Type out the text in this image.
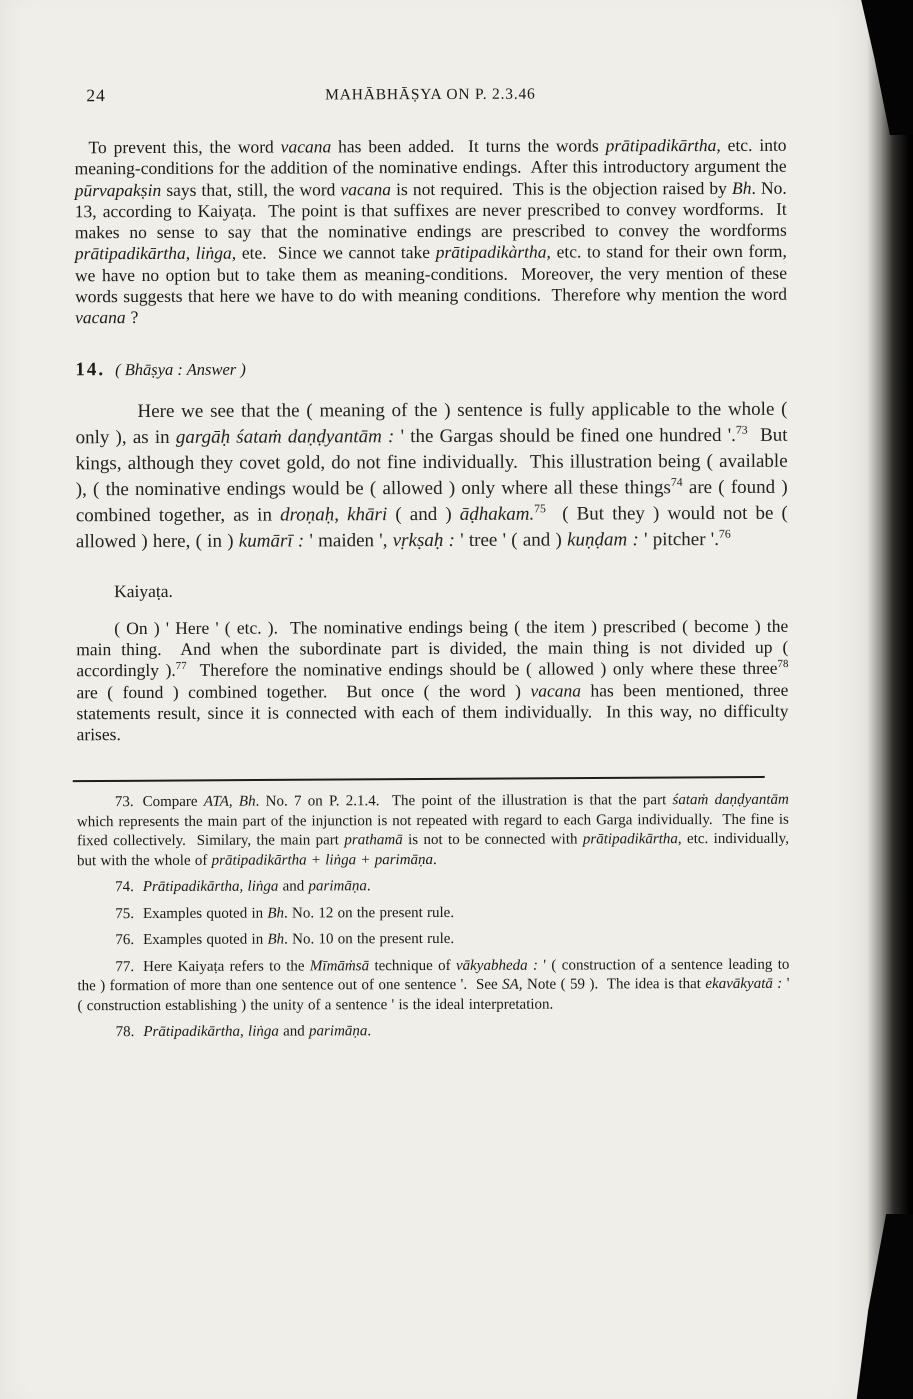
24	MAHĀBHĀṢYA ON P. 2.3.46

To prevent this, the word vacana has been added.  It turns the words prātipadikārtha, etc. into meaning-conditions for the addition of the nominative endings.  After this introductory argument the pūrvapakṣin says that, still, the word vacana is not required.  This is the objection raised by Bh. No. 13, according to Kaiyaṭa.  The point is that suffixes are never prescribed to convey wordforms.  It makes no sense to say that the nominative endings are prescribed to convey the wordforms prātipadikārtha, liṅga, ete.  Since we cannot take prātipadikàrtha, etc. to stand for their own form, we have no option but to take them as meaning-conditions.  Moreover, the very mention of these words suggests that here we have to do with meaning conditions.  Therefore why mention the word vacana ?

14. ( Bhāṣya : Answer )

Here we see that the ( meaning of the ) sentence is fully applicable to the whole ( only ), as in gargāḥ śataṁ daṇḍyantām : ' the Gargas should be fined one hundred '.$^{73}$  But kings, although they covet gold, do not fine individually.  This illustration being ( available ), ( the nominative endings would be ( allowed ) only where all these things$^{74}$ are ( found ) combined together, as in droṇaḥ, khāri ( and ) āḍhakam.$^{75}$  ( But they ) would not be ( allowed ) here, ( in ) kumārī : ' maiden ', vṛkṣaḥ : ' tree ' ( and ) kuṇḍam : ' pitcher '.$^{76}$

Kaiyaṭa.

( On ) ' Here ' ( etc. ).  The nominative endings being ( the item ) prescribed ( become ) the main thing.  And when the subordinate part is divided, the main thing is not divided up ( accordingly ).$^{77}$  Therefore the nominative endings should be ( allowed ) only where these three$^{78}$ are ( found ) combined together.  But once ( the word ) vacana has been mentioned, three statements result, since it is connected with each of them individually.  In this way, no difficulty arises.

73. Compare ATA, Bh. No. 7 on P. 2.1.4.  The point of the illustration is that the part śataṁ daṇḍyantām which represents the main part of the injunction is not repeated with regard to each Garga individually.  The fine is fixed collectively.  Similary, the main part prathamā is not to be connected with prātipadikārtha, etc. individually, but with the whole of prātipadikārtha + liṅga + parimāṇa.

74. Prātipadikārtha, liṅga and parimāṇa.

75. Examples quoted in Bh. No. 12 on the present rule.

76. Examples quoted in Bh. No. 10 on the present rule.

77. Here Kaiyaṭa refers to the Mīmāṁsā technique of vākyabheda : ' ( construction of a sentence leading to the ) formation of more than one sentence out of one sentence '.  See SA, Note ( 59 ).  The idea is that ekavākyatā : ' ( construction establishing ) the unity of a sentence ' is the ideal interpretation.

78. Prātipadikārtha, liṅga and parimāṇa.
